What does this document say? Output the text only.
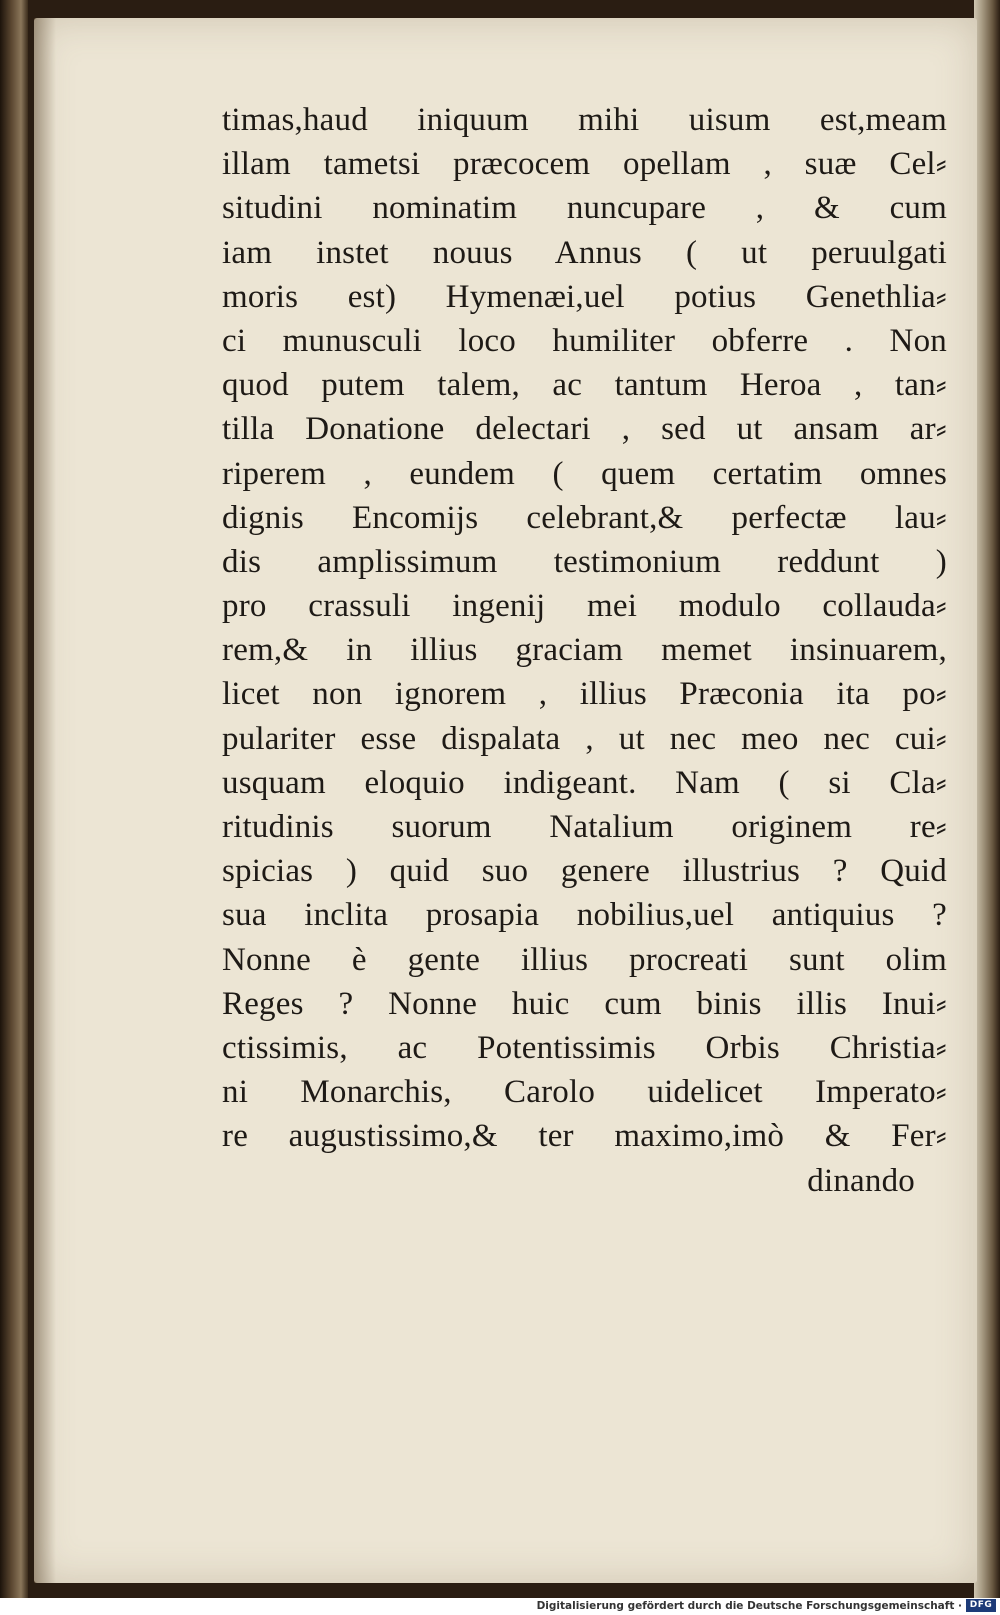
timas,haud iniquum mihi uisum est,meam
illam tametsi præcocem opellam , suæ Cel⸗
situdini nominatim nuncupare , & cum
iam instet nouus Annus ( ut peruulgati
moris est) Hymenæi,uel potius Genethlia⸗
ci munusculi loco humiliter obferre . Non
quod putem talem, ac tantum Heroa , tan⸗
tilla Donatione delectari , sed ut ansam ar⸗
riperem , eundem ( quem certatim omnes
dignis Encomijs celebrant,& perfectæ lau⸗
dis amplissimum testimonium reddunt )
pro crassuli ingenij mei modulo collauda⸗
rem,& in illius graciam memet insinuarem,
licet non ignorem , illius Præconia ita po⸗
pulariter esse dispalata , ut nec meo nec cui⸗
usquam eloquio indigeant. Nam ( si Cla⸗
ritudinis suorum Natalium originem re⸗
spicias ) quid suo genere illustrius ? Quid
sua inclita prosapia nobilius,uel antiquius ?
Nonne è gente illius procreati sunt olim
Reges ? Nonne huic cum binis illis Inui⸗
ctissimis, ac Potentissimis Orbis Christia⸗
ni Monarchis, Carolo uidelicet Imperato⸗
re augustissimo,& ter maximo,imò & Fer⸗
dinando
Digitalisierung gefördert durch die Deutsche Forschungsgemeinschaft · DFG
